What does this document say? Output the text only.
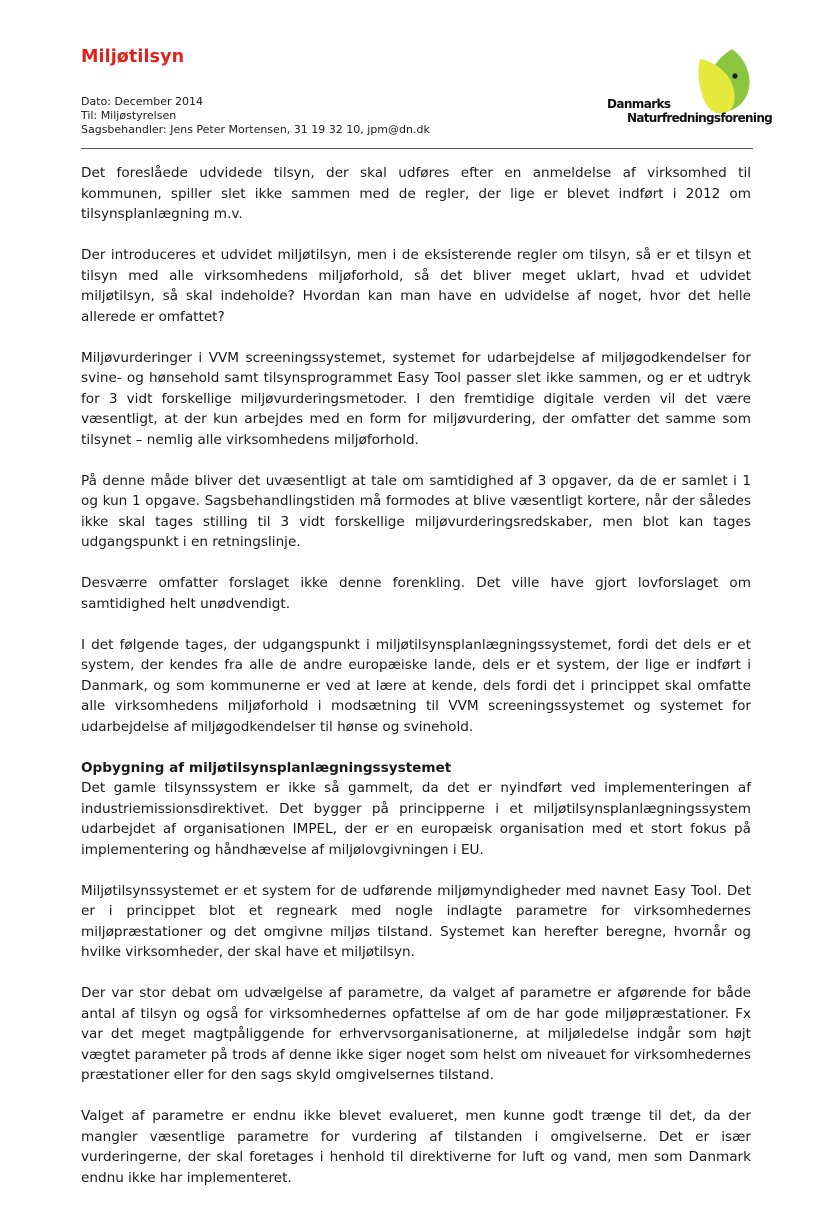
Miljøtilsyn
Dato: December 2014
Til: Miljøstyrelsen
Sagsbehandler: Jens Peter Mortensen, 31 19 32 10, jpm@dn.dk
Danmarks
Naturfredningsforening

Det foreslåede udvidede tilsyn, der skal udføres efter en anmeldelse af virksomhed til kommunen, spiller slet ikke sammen med de regler, der lige er blevet indført i 2012 om tilsynsplanlægning m.v.

Der introduceres et udvidet miljøtilsyn, men i de eksisterende regler om tilsyn, så er et tilsyn et tilsyn med alle virksomhedens miljøforhold, så det bliver meget uklart, hvad et udvidet miljøtilsyn, så skal indeholde? Hvordan kan man have en udvidelse af noget, hvor det helle allerede er omfattet?

Miljøvurderinger i VVM screeningssystemet, systemet for udarbejdelse af miljøgodkendelser for svine- og hønsehold samt tilsynsprogrammet Easy Tool passer slet ikke sammen, og er et udtryk for 3 vidt forskellige miljøvurderingsmetoder. I den fremtidige digitale verden vil det være væsentligt, at der kun arbejdes med en form for miljøvurdering, der omfatter det samme som tilsynet – nemlig alle virksomhedens miljøforhold.

På denne måde bliver det uvæsentligt at tale om samtidighed af 3 opgaver, da de er samlet i 1 og kun 1 opgave. Sagsbehandlingstiden må formodes at blive væsentligt kortere, når der således ikke skal tages stilling til 3 vidt forskellige miljøvurderingsredskaber, men blot kan tages udgangspunkt i en retningslinje.

Desværre omfatter forslaget ikke denne forenkling. Det ville have gjort lovforslaget om samtidighed helt unødvendigt.

I det følgende tages, der udgangspunkt i miljøtilsynsplanlægningssystemet, fordi det dels er et system, der kendes fra alle de andre europæiske lande, dels er et system, der lige er indført i Danmark, og som kommunerne er ved at lære at kende, dels fordi det i princippet skal omfatte alle virksomhedens miljøforhold i modsætning til VVM screeningssystemet og systemet for udarbejdelse af miljøgodkendelser til hønse og svinehold.

Opbygning af miljøtilsynsplanlægningssystemet

Det gamle tilsynssystem er ikke så gammelt, da det er nyindført ved implementeringen af industriemissionsdirektivet. Det bygger på principperne i et miljøtilsynsplanlægningssystem udarbejdet af organisationen IMPEL, der er en europæisk organisation med et stort fokus på implementering og håndhævelse af miljølovgivningen i EU.

Miljøtilsynssystemet er et system for de udførende miljømyndigheder med navnet Easy Tool. Det er i princippet blot et regneark med nogle indlagte parametre for virksomhedernes miljøpræstationer og det omgivne miljøs tilstand. Systemet kan herefter beregne, hvornår og hvilke virksomheder, der skal have et miljøtilsyn.

Der var stor debat om udvælgelse af parametre, da valget af parametre er afgørende for både antal af tilsyn og også for virksomhedernes opfattelse af om de har gode miljøpræstationer. Fx var det meget magtpåliggende for erhvervsorganisationerne, at miljøledelse indgår som højt vægtet parameter på trods af denne ikke siger noget som helst om niveauet for virksomhedernes præstationer eller for den sags skyld omgivelsernes tilstand.

Valget af parametre er endnu ikke blevet evalueret, men kunne godt trænge til det, da der mangler væsentlige parametre for vurdering af tilstanden i omgivelserne. Det er især vurderingerne, der skal foretages i henhold til direktiverne for luft og vand, men som Danmark endnu ikke har implementeret.
